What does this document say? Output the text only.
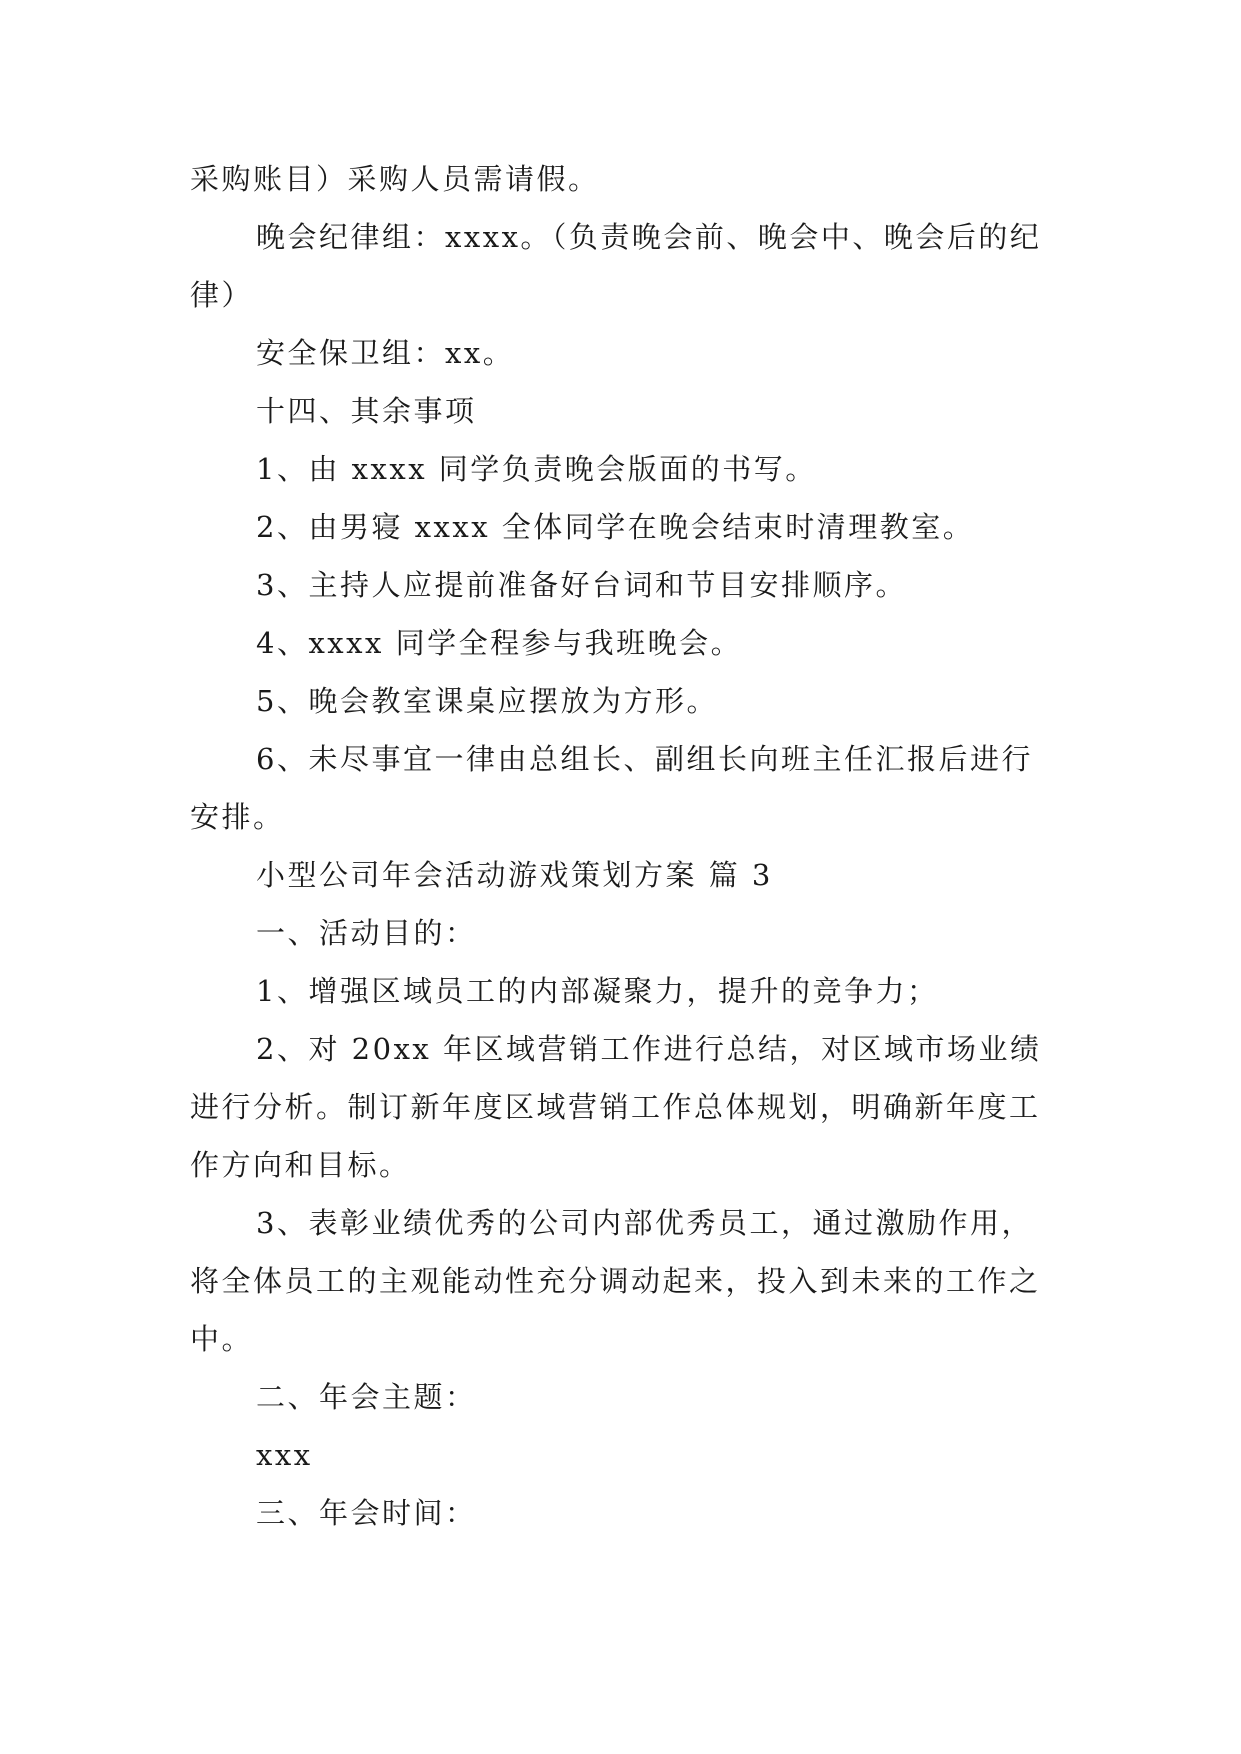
采购账目）采购人员需请假。

晚会纪律组：xxxx。（负责晚会前、晚会中、晚会后的纪律）

安全保卫组：xx。

十四、其余事项

1、由 xxxx 同学负责晚会版面的书写。

2、由男寝 xxxx 全体同学在晚会结束时清理教室。

3、主持人应提前准备好台词和节目安排顺序。

4、xxxx 同学全程参与我班晚会。

5、晚会教室课桌应摆放为方形。

6、未尽事宜一律由总组长、副组长向班主任汇报后进行安排。

小型公司年会活动游戏策划方案 篇 3

一、活动目的：

1、增强区域员工的内部凝聚力，提升的竞争力；

2、对 20xx 年区域营销工作进行总结，对区域市场业绩进行分析。制订新年度区域营销工作总体规划，明确新年度工作方向和目标。

3、表彰业绩优秀的公司内部优秀员工，通过激励作用，将全体员工的主观能动性充分调动起来，投入到未来的工作之中。

二、年会主题：

xxx

三、年会时间：
